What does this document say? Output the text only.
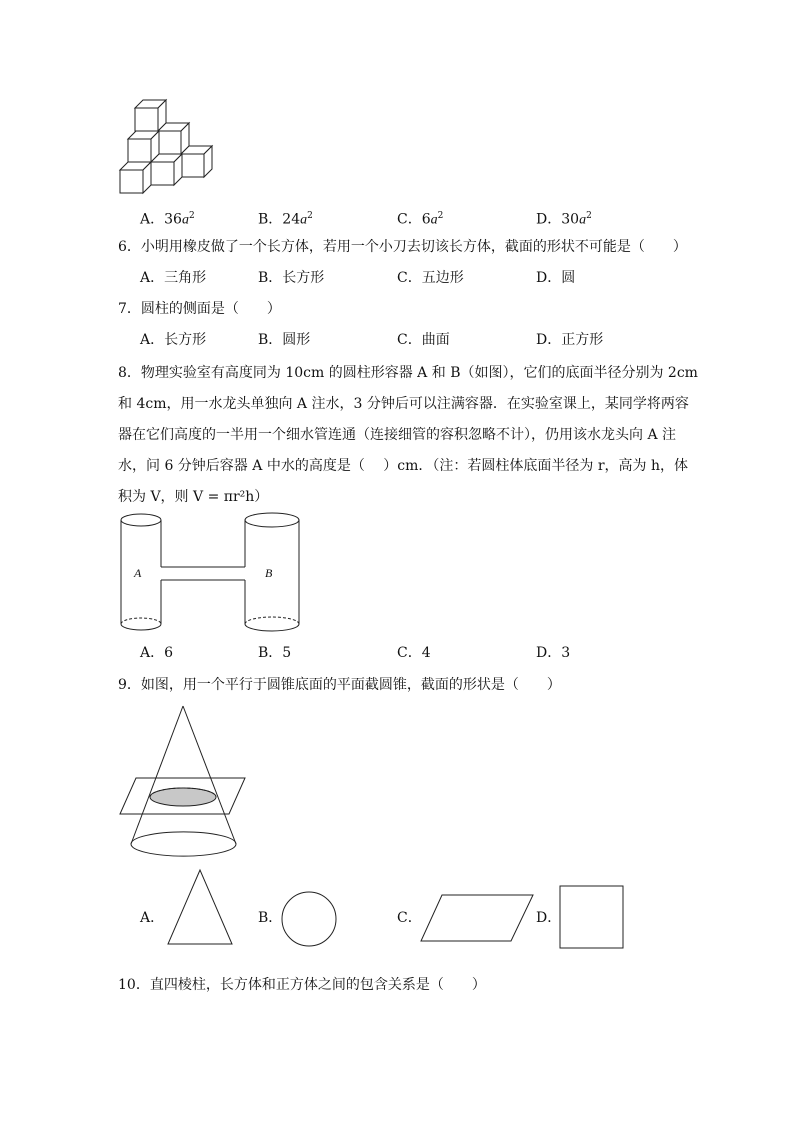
A．$36a^2$	B．$24a^2$	C．$6a^2$	D．$30a^2$
6．小明用橡皮做了一个长方体，若用一个小刀去切该长方体，截面的形状不可能是（　　）
A．三角形	B．长方形	C．五边形	D．圆
7．圆柱的侧面是（　　）
A．长方形	B．圆形	C．曲面	D．正方形
8．物理实验室有高度同为 10cm 的圆柱形容器 A 和 B（如图），它们的底面半径分别为 2cm
和 4cm，用一水龙头单独向 A 注水，3 分钟后可以注满容器．在实验室课上，某同学将两容
器在它们高度的一半用一个细水管连通（连接细管的容积忽略不计），仍用该水龙头向 A 注
水，问 6 分钟后容器 A 中水的高度是（　 ）cm．（注：若圆柱体底面半径为 r，高为 h，体
积为 V，则 V = πr²h）
A	B
A．6	B．5	C．4	D．3
9．如图，用一个平行于圆锥底面的平面截圆锥，截面的形状是（　　）
A．	B．	C．	D．
10．直四棱柱，长方体和正方体之间的包含关系是（　　）
